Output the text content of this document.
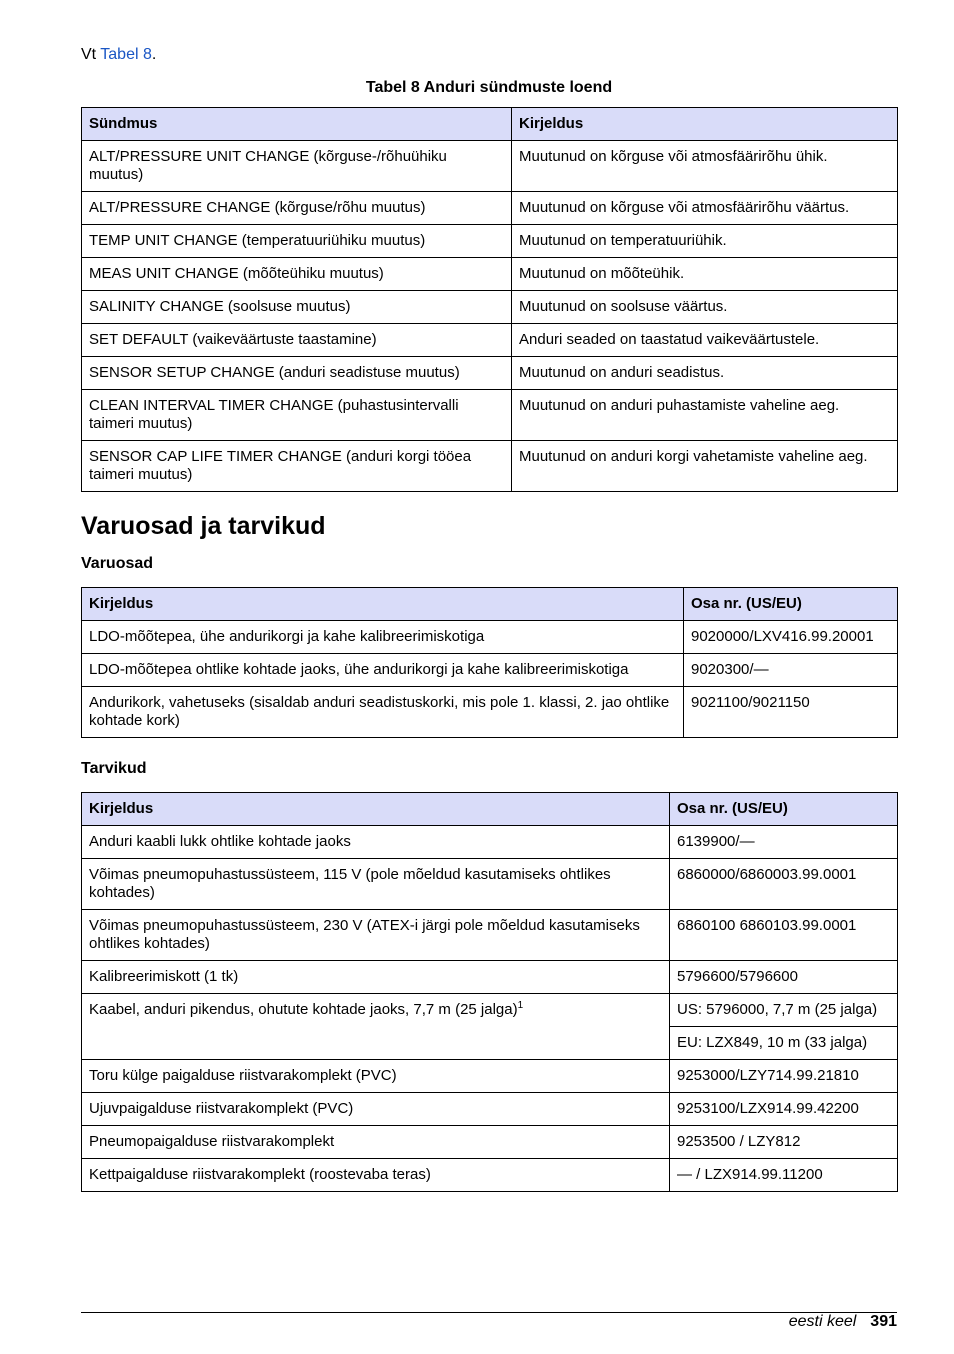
Vt Tabel 8.
Tabel 8 Anduri sündmuste loend
Sündmus	Kirjeldus
ALT/PRESSURE UNIT CHANGE (kõrguse-/rõhuühiku muutus)	Muutunud on kõrguse või atmosfäärirõhu ühik.
ALT/PRESSURE CHANGE (kõrguse/rõhu muutus)	Muutunud on kõrguse või atmosfäärirõhu väärtus.
TEMP UNIT CHANGE (temperatuuriühiku muutus)	Muutunud on temperatuuriühik.
MEAS UNIT CHANGE (mõõteühiku muutus)	Muutunud on mõõteühik.
SALINITY CHANGE (soolsuse muutus)	Muutunud on soolsuse väärtus.
SET DEFAULT (vaikeväärtuste taastamine)	Anduri seaded on taastatud vaikeväärtustele.
SENSOR SETUP CHANGE (anduri seadistuse muutus)	Muutunud on anduri seadistus.
CLEAN INTERVAL TIMER CHANGE (puhastusintervalli taimeri muutus)	Muutunud on anduri puhastamiste vaheline aeg.
SENSOR CAP LIFE TIMER CHANGE (anduri korgi tööea taimeri muutus)	Muutunud on anduri korgi vahetamiste vaheline aeg.
Varuosad ja tarvikud
Varuosad
Kirjeldus	Osa nr. (US/EU)
LDO-mõõtepea, ühe andurikorgi ja kahe kalibreerimiskotiga	9020000/LXV416.99.20001
LDO-mõõtepea ohtlike kohtade jaoks, ühe andurikorgi ja kahe kalibreerimiskotiga	9020300/—
Andurikork, vahetuseks (sisaldab anduri seadistuskorki, mis pole 1. klassi, 2. jao ohtlike kohtade kork)	9021100/9021150
Tarvikud
Kirjeldus	Osa nr. (US/EU)
Anduri kaabli lukk ohtlike kohtade jaoks	6139900/—
Võimas pneumopuhastussüsteem, 115 V (pole mõeldud kasutamiseks ohtlikes kohtades)	6860000/6860003.99.0001
Võimas pneumopuhastussüsteem, 230 V (ATEX-i järgi pole mõeldud kasutamiseks ohtlikes kohtades)	6860100 6860103.99.0001
Kalibreerimiskott (1 tk)	5796600/5796600
Kaabel, anduri pikendus, ohutute kohtade jaoks, 7,7 m (25 jalga)$^1$	US: 5796000, 7,7 m (25 jalga)
	EU: LZX849, 10 m (33 jalga)
Toru külge paigalduse riistvarakomplekt (PVC)	9253000/LZY714.99.21810
Ujuvpaigalduse riistvarakomplekt (PVC)	9253100/LZX914.99.42200
Pneumopaigalduse riistvarakomplekt	9253500 / LZY812
Kettpaigalduse riistvarakomplekt (roostevaba teras)	— / LZX914.99.11200
eesti keel 391
